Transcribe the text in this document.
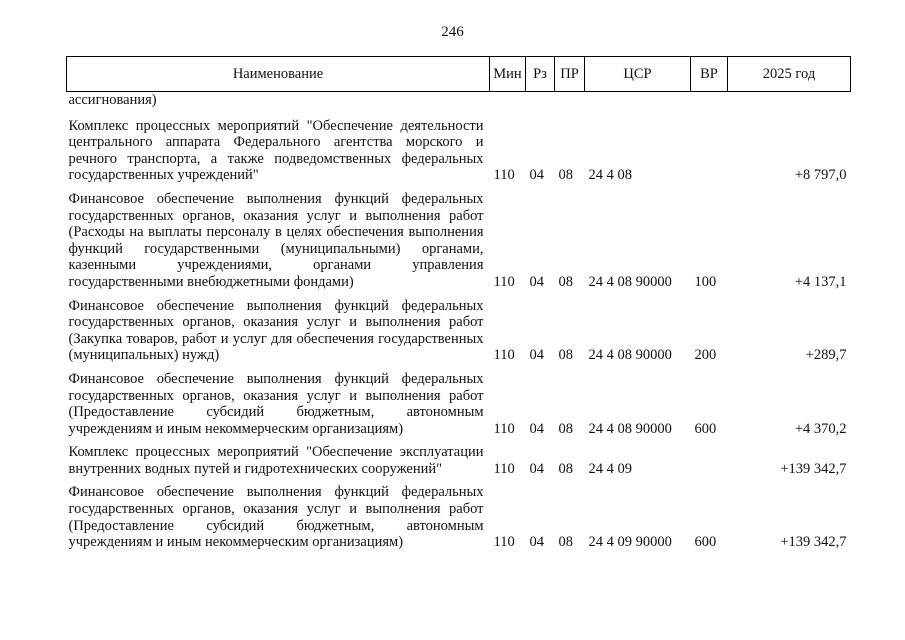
246
Наименование	Мин	Рз	ПР	ЦСР	ВР	2025 год
ассигнования)						
Комплекс процессных мероприятий "Обеспечение деятельности центрального аппарата Федерального агентства морского и речного транспорта, а также подведомственных федеральных государственных учреждений"	110	04	08	24 4 08		+8 797,0
Финансовое обеспечение выполнения функций федеральных государственных органов, оказания услуг и выполнения работ (Расходы на выплаты персоналу в целях обеспечения выполнения функций государственными (муниципальными) органами, казенными учреждениями, органами управления государственными внебюджетными фондами)	110	04	08	24 4 08 90000	100	+4 137,1
Финансовое обеспечение выполнения функций федеральных государственных органов, оказания услуг и выполнения работ (Закупка товаров, работ и услуг для обеспечения государственных (муниципальных) нужд)	110	04	08	24 4 08 90000	200	+289,7
Финансовое обеспечение выполнения функций федеральных государственных органов, оказания услуг и выполнения работ (Предоставление субсидий бюджетным, автономным учреждениям и иным некоммерческим организациям)	110	04	08	24 4 08 90000	600	+4 370,2
Комплекс процессных мероприятий "Обеспечение эксплуатации внутренних водных путей и гидротехнических сооружений"	110	04	08	24 4 09		+139 342,7
Финансовое обеспечение выполнения функций федеральных государственных органов, оказания услуг и выполнения работ (Предоставление субсидий бюджетным, автономным учреждениям и иным некоммерческим организациям)	110	04	08	24 4 09 90000	600	+139 342,7
